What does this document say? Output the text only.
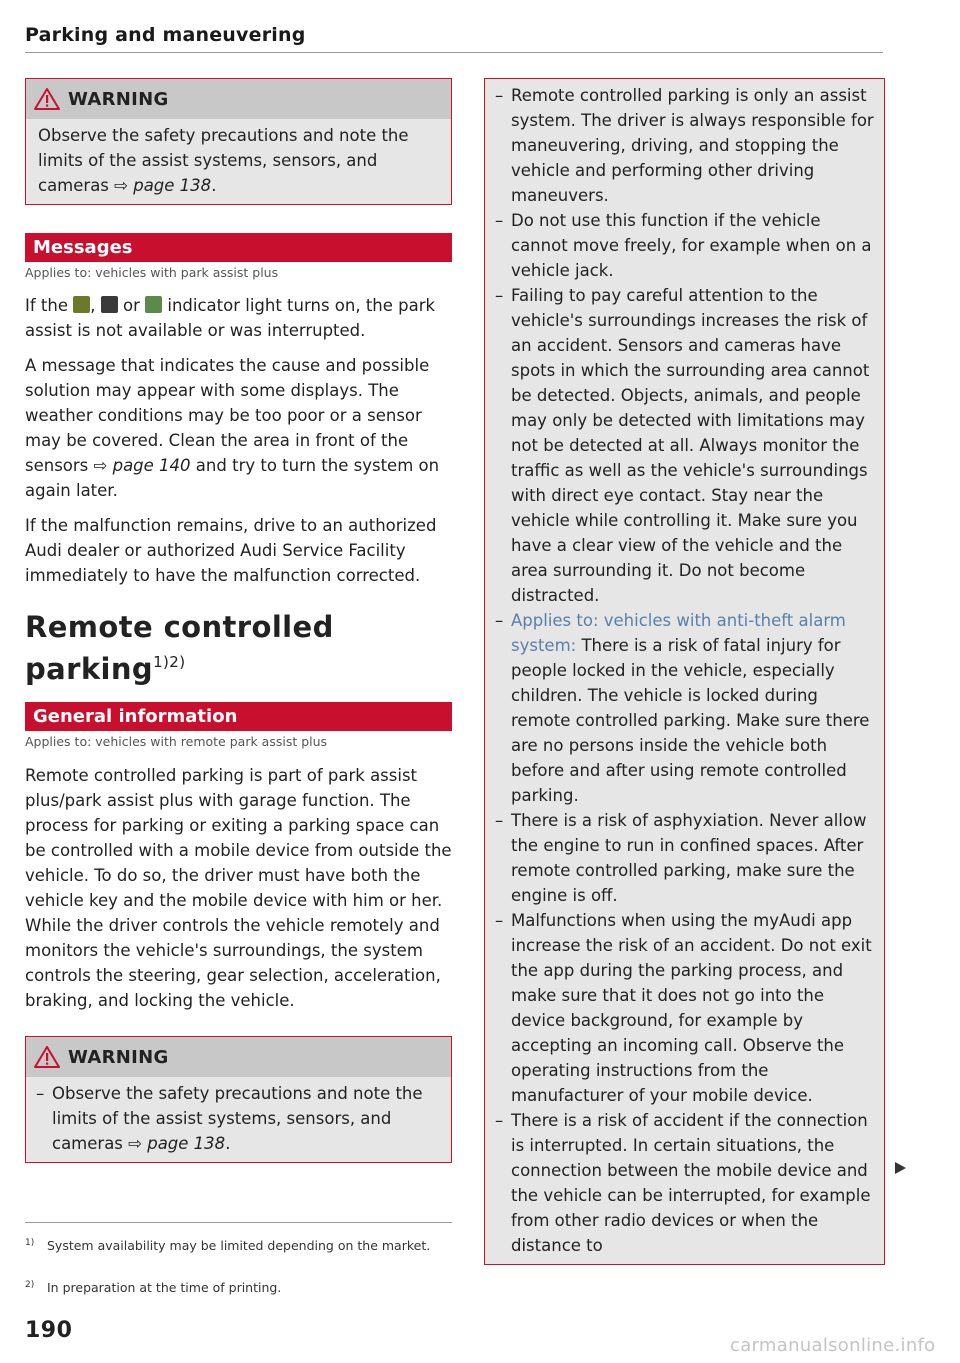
Parking and maneuvering
WARNING
Observe the safety precautions and note the limits of the assist systems, sensors, and cameras ⇨ page 138.
Messages
Applies to: vehicles with park assist plus

If the ,  or  indicator light turns on, the park assist is not available or was interrupted.

A message that indicates the cause and possible solution may appear with some displays. The weather conditions may be too poor or a sensor may be covered. Clean the area in front of the sensors ⇨ page 140 and try to turn the system on again later.

If the malfunction remains, drive to an authorized Audi dealer or authorized Audi Service Facility immediately to have the malfunction corrected.

Remote controlled parking$^{1)2)}$
General information
Applies to: vehicles with remote park assist plus

Remote controlled parking is part of park assist plus/park assist plus with garage function. The process for parking or exiting a parking space can be controlled with a mobile device from outside the vehicle. To do so, the driver must have both the vehicle key and the mobile device with him or her. While the driver controls the vehicle remotely and monitors the vehicle's surroundings, the system controls the steering, gear selection, acceleration, braking, and locking the vehicle.

WARNING
– Observe the safety precautions and note the limits of the assist systems, sensors, and cameras ⇨ page 138.
– Remote controlled parking is only an assist system. The driver is always responsible for maneuvering, driving, and stopping the vehicle and performing other driving maneuvers.
– Do not use this function if the vehicle cannot move freely, for example when on a vehicle jack.
– Failing to pay careful attention to the vehicle's surroundings increases the risk of an accident. Sensors and cameras have spots in which the surrounding area cannot be detected. Objects, animals, and people may only be detected with limitations may not be detected at all. Always monitor the traffic as well as the vehicle's surroundings with direct eye contact. Stay near the vehicle while controlling it. Make sure you have a clear view of the vehicle and the area surrounding it. Do not become distracted.
– Applies to: vehicles with anti-theft alarm system: There is a risk of fatal injury for people locked in the vehicle, especially children. The vehicle is locked during remote controlled parking. Make sure there are no persons inside the vehicle both before and after using remote controlled parking.
– There is a risk of asphyxiation. Never allow the engine to run in confined spaces. After remote controlled parking, make sure the engine is off.
– Malfunctions when using the myAudi app increase the risk of an accident. Do not exit the app during the parking process, and make sure that it does not go into the device background, for example by accepting an incoming call. Observe the operating instructions from the manufacturer of your mobile device.
– There is a risk of accident if the connection is interrupted. In certain situations, the connection between the mobile device and the vehicle can be interrupted, for example from other radio devices or when the distance to
1)	System availability may be limited depending on the market.
2)	In preparation at the time of printing.
190
carmanualsonline.info
